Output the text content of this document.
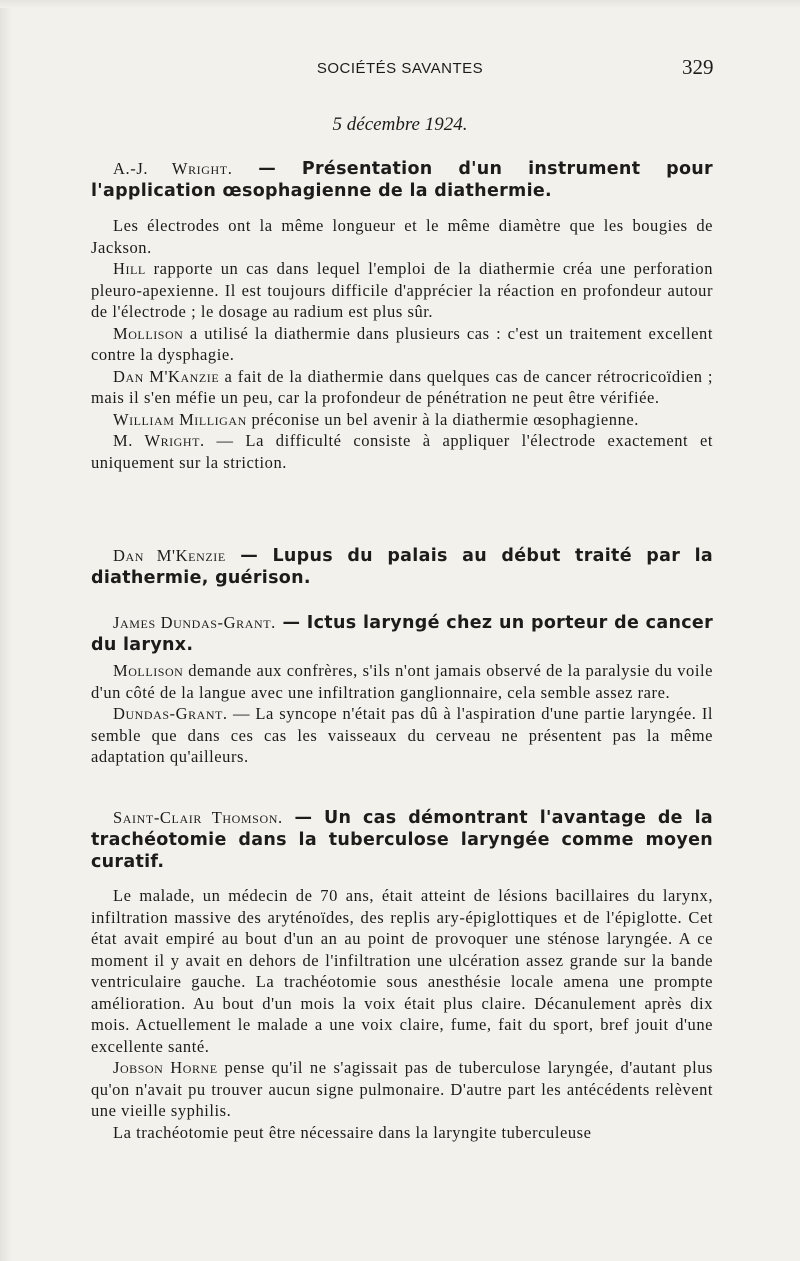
SOCIÉTÉS SAVANTES	329
5 décembre 1924.
A.-J. Wright. — Présentation d'un instrument pour l'application œsophagienne de la diathermie.

Les électrodes ont la même longueur et le même diamètre que les bougies de Jackson.

Hill rapporte un cas dans lequel l'emploi de la diathermie créa une perforation pleuro-apexienne. Il est toujours difficile d'apprécier la réaction en profondeur autour de l'électrode ; le dosage au radium est plus sûr.

Mollison a utilisé la diathermie dans plusieurs cas : c'est un traitement excellent contre la dysphagie.

Dan M'Kanzie a fait de la diathermie dans quelques cas de cancer rétrocricoïdien ; mais il s'en méfie un peu, car la profondeur de pénétration ne peut être vérifiée.

William Milligan préconise un bel avenir à la diathermie œsophagienne.

M. Wright. — La difficulté consiste à appliquer l'électrode exactement et uniquement sur la striction.

Dan M'Kenzie — Lupus du palais au début traité par la diathermie, guérison.
James Dundas-Grant. — Ictus laryngé chez un porteur de cancer du larynx.

Mollison demande aux confrères, s'ils n'ont jamais observé de la paralysie du voile d'un côté de la langue avec une infiltration ganglionnaire, cela semble assez rare.

Dundas-Grant. — La syncope n'était pas dû à l'aspiration d'une partie laryngée. Il semble que dans ces cas les vaisseaux du cerveau ne présentent pas la même adaptation qu'ailleurs.

Saint-Clair Thomson. — Un cas démontrant l'avantage de la trachéotomie dans la tuberculose laryngée comme moyen curatif.

Le malade, un médecin de 70 ans, était atteint de lésions bacillaires du larynx, infiltration massive des aryténoïdes, des replis ary-épiglottiques et de l'épiglotte. Cet état avait empiré au bout d'un an au point de provoquer une sténose laryngée. A ce moment il y avait en dehors de l'infiltration une ulcération assez grande sur la bande ventriculaire gauche. La trachéotomie sous anesthésie locale amena une prompte amélioration. Au bout d'un mois la voix était plus claire. Décanulement après dix mois. Actuellement le malade a une voix claire, fume, fait du sport, bref jouit d'une excellente santé.

Jobson Horne pense qu'il ne s'agissait pas de tuberculose laryngée, d'autant plus qu'on n'avait pu trouver aucun signe pulmonaire. D'autre part les antécédents relèvent une vieille syphilis.

La trachéotomie peut être nécessaire dans la laryngite tuberculeuse
